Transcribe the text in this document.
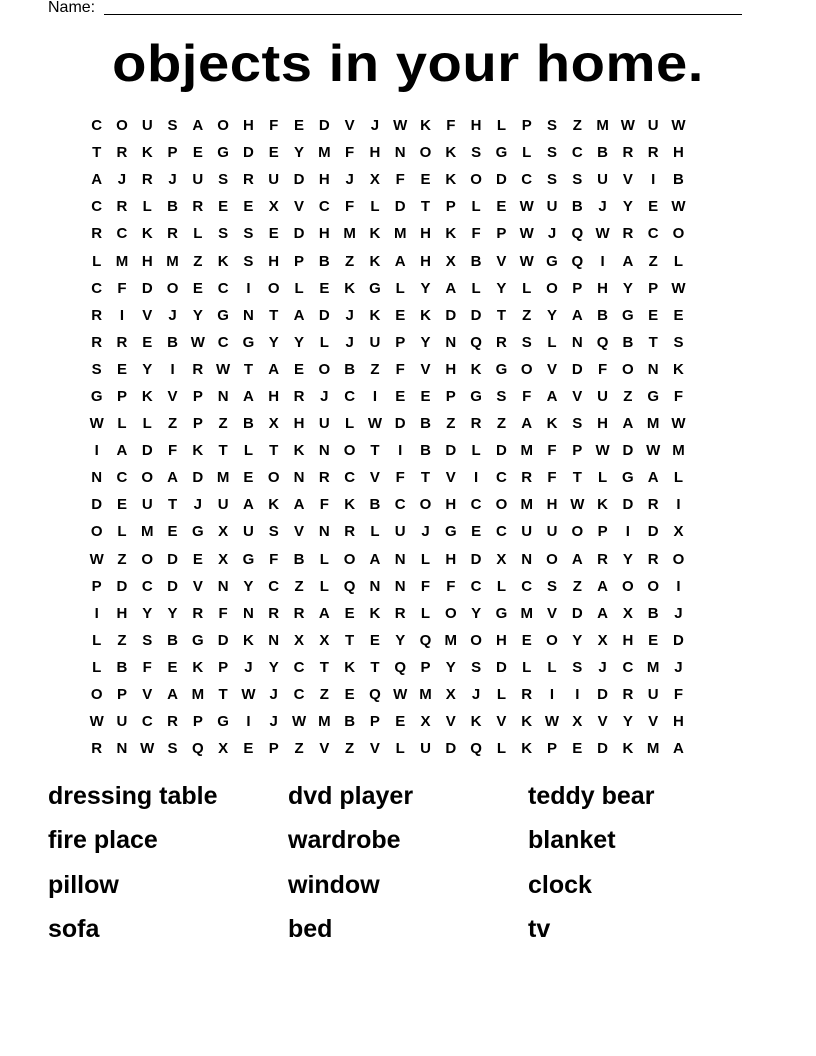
Name:
objects in your home.
C O U S A O H	F	E D V	J W K	F	H	L	P	S	Z M W U W
T	R K P	E G D E	Y M F	H N O K S G L	S C B R R H
A	J	R	J	U S R U D H	J	X	F	E K O D C S	S U V	I	B
C R	L	B R E	E	X	V C	F	L	D	T	P	L	E W U B	J	Y	E W
R C K R	L	S	S	E D H M K M H K	F	P W J	Q W R C O
L M H M Z	K S H P B	Z	K A H X B V W G Q	I	A	Z	L
C	F	D O E C	I	O L	E K G L	Y A	L	Y	L O P H Y	P W
R	I	V	J	Y G N	T	A D	J	K E K D D	T	Z	Y A B G E	E
R R E B W C G Y	Y	L	J	U P	Y N Q R S	L	N Q B	T	S
S	E	Y	I	R W T	A E O B	Z	F	V H K G O V D	F O N K
G P K V	P N A H R	J	C	I	E	E	P G S	F	A V U	Z G F
W L	L	Z	P	Z	B X H U	L W D B	Z	R	Z	A K S H A M W
I	A D	F	K	T	L	T	K N O T	I	B D	L	D M F	P W D W M
N C O A D M E O N R C V	F	T	V	I	C R	F	T	L G A	L
D E U	T	J	U A K A	F	K B C O H C O M H W K D R	I
O L M E G X U S	V N R	L	U	J	G E C U U O P	I	D X
W Z O D E	X G F	B	L O A N	L	H D X N O A R Y R O
P D C D V N Y C	Z	L Q N N	F	F	C	L	C S	Z	A O O	I
I	H Y	Y R	F	N R R A E K R	L O Y G M V D A X B	J
L	Z	S B G D K N X	X	T	E	Y Q M O H E O Y	X H E D
L	B	F	E K P	J	Y C	T	K	T Q P	Y	S D	L	L	S	J	C M J
O P	V A M T W J	C	Z	E Q W M X	J	L	R	I	I	D R U	F
W U C R P G	I	J W M B P	E	X	V K V K W X	V	Y	V H
R N W S Q X	E	P	Z	V	Z	V	L	U D Q L	K P	E D K M A
dressing table	dvd player	teddy bear
fire place	wardrobe	blanket
pillow	window	clock
sofa	bed	tv
